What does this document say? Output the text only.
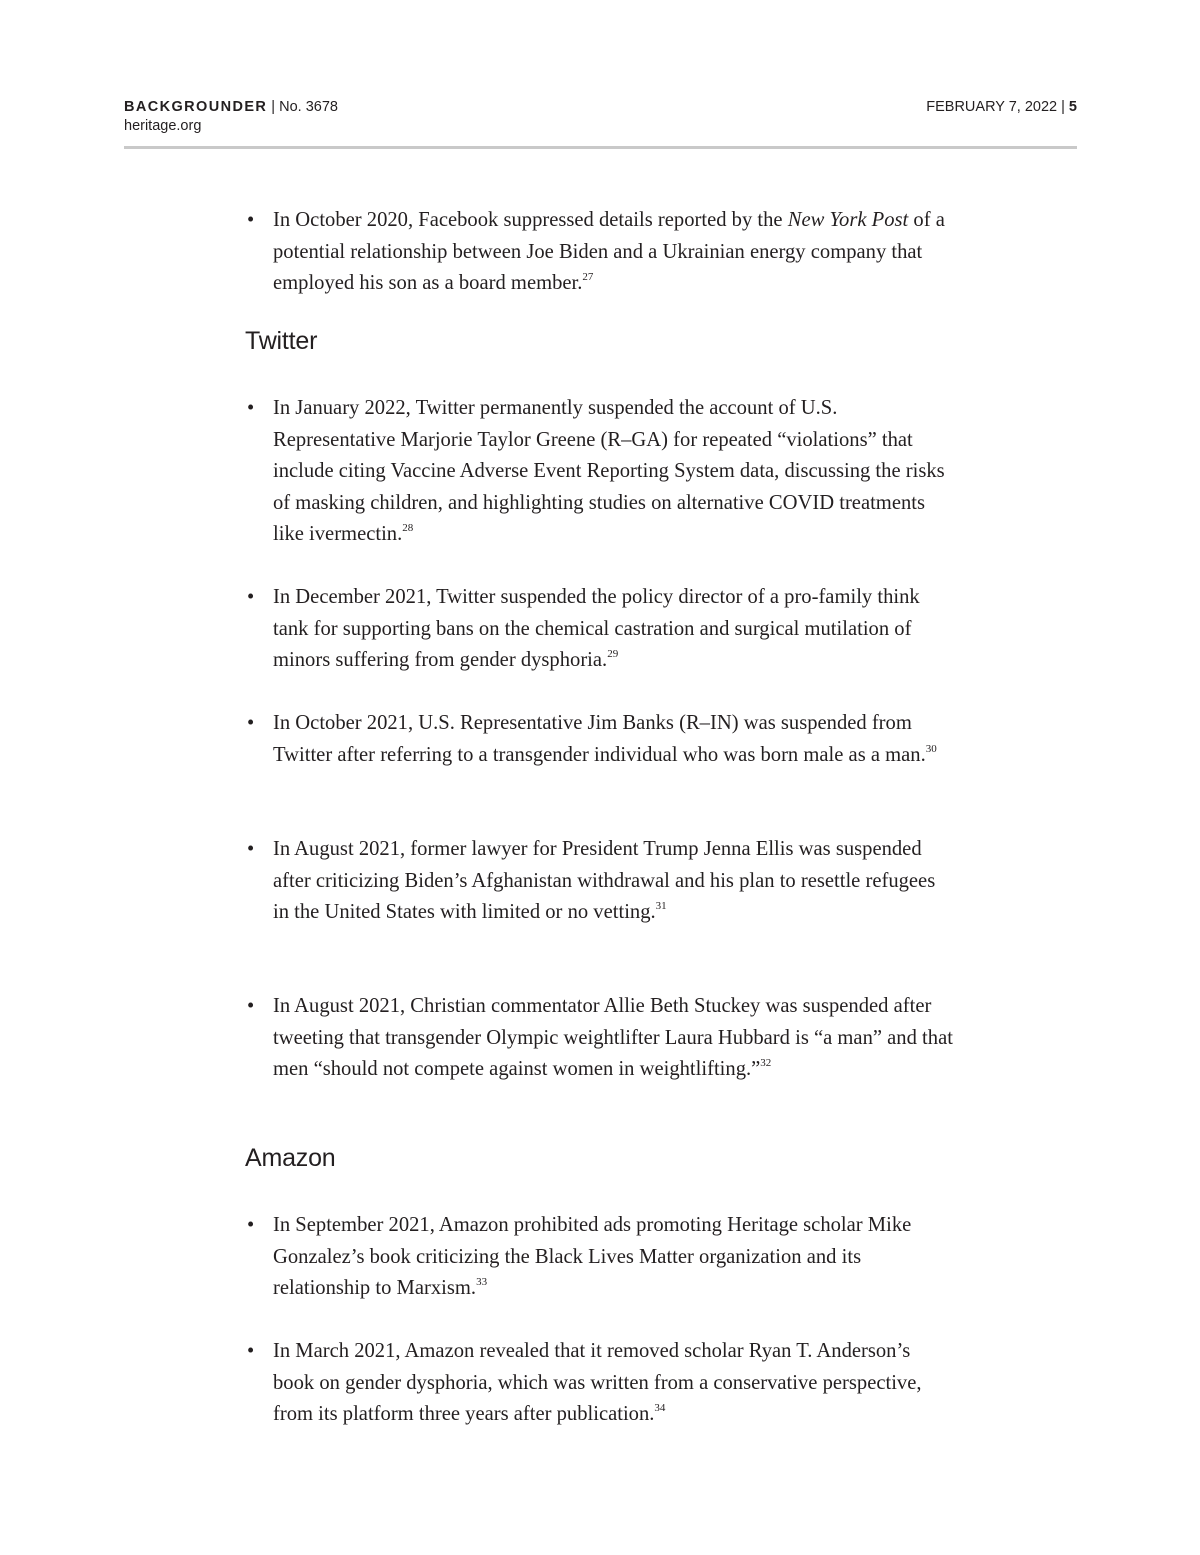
BACKGROUNDER | No. 3678
heritage.org
FEBRUARY 7, 2022 | 5
• In October 2020, Facebook suppressed details reported by the New York Post of a potential relationship between Joe Biden and a Ukrainian energy company that employed his son as a board member.$^{27}$
Twitter
• In January 2022, Twitter permanently suspended the account of U.S. Representative Marjorie Taylor Greene (R–GA) for repeated “violations” that include citing Vaccine Adverse Event Reporting System data, discussing the risks of masking children, and highlighting studies on alternative COVID treatments like ivermectin.$^{28}$
• In December 2021, Twitter suspended the policy director of a pro-family think tank for supporting bans on the chemical castration and surgical mutilation of minors suffering from gender dysphoria.$^{29}$
• In October 2021, U.S. Representative Jim Banks (R–IN) was suspended from Twitter after referring to a transgender individual who was born male as a man.$^{30}$
• In August 2021, former lawyer for President Trump Jenna Ellis was suspended after criticizing Biden’s Afghanistan withdrawal and his plan to resettle refugees in the United States with limited or no vetting.$^{31}$
• In August 2021, Christian commentator Allie Beth Stuckey was suspended after tweeting that transgender Olympic weightlifter Laura Hubbard is “a man” and that men “should not compete against women in weightlifting.”$^{32}$
Amazon
• In September 2021, Amazon prohibited ads promoting Heritage scholar Mike Gonzalez’s book criticizing the Black Lives Matter organization and its relationship to Marxism.$^{33}$
• In March 2021, Amazon revealed that it removed scholar Ryan T. Anderson’s book on gender dysphoria, which was written from a conservative perspective, from its platform three years after publication.$^{34}$
